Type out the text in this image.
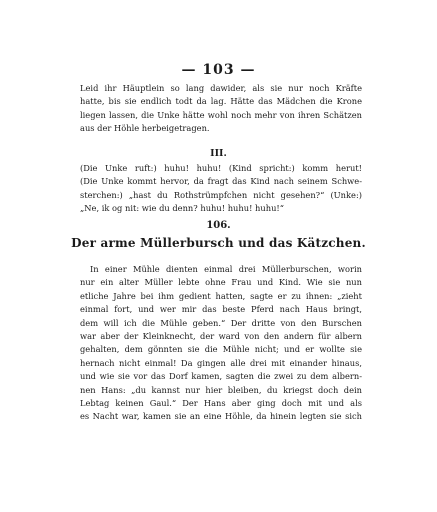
— 103 —
Leid ihr Häuptlein so lang dawider, als sie nur noch Kräfte
hatte, bis sie endlich todt da lag. Hätte das Mädchen die Krone
liegen lassen, die Unke hätte wohl noch mehr von ihren Schätzen
aus der Höhle herbeigetragen.
III.
(Die Unke ruft:) huhu! huhu! (Kind spricht:) komm herut!
(Die Unke kommt hervor, da fragt das Kind nach seinem Schwe-
sterchen:) „hast du Rothstrümpfchen nicht gesehen?“ (Unke:)
„Ne, ik og nit: wie du denn? huhu! huhu! huhu!“
106.
Der arme Müllerbursch und das Kätzchen.
In einer Mühle dienten einmal drei Müllerburschen, worin
nur ein alter Müller lebte ohne Frau und Kind. Wie sie nun
etliche Jahre bei ihm gedient hatten, sagte er zu ihnen: „zieht
einmal fort, und wer mir das beste Pferd nach Haus bringt,
dem will ich die Mühle geben.“ Der dritte von den Burschen
war aber der Kleinknecht, der ward von den andern für albern
gehalten, dem gönnten sie die Mühle nicht; und er wollte sie
hernach nicht einmal! Da gingen alle drei mit einander hinaus,
und wie sie vor das Dorf kamen, sagten die zwei zu dem albern-
nen Hans: „du kannst nur hier bleiben, du kriegst doch dein
Lebtag keinen Gaul.“ Der Hans aber ging doch mit und als
es Nacht war, kamen sie an eine Höhle, da hinein legten sie sich
